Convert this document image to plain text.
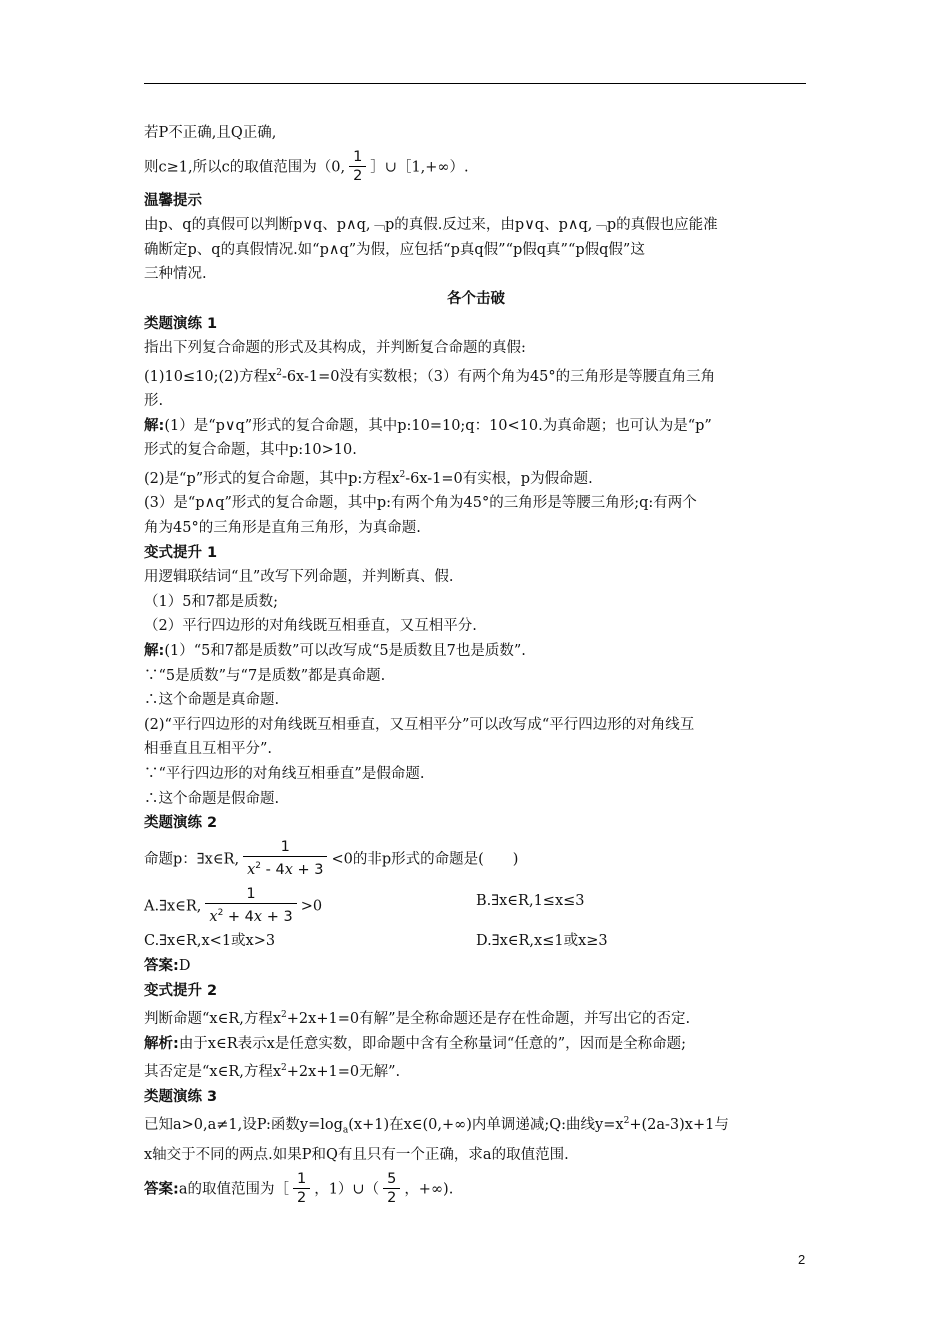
若P不正确,且Q正确,
则c≥1,所以c的取值范围为（0, $\frac{1}{2}$ ］∪［1,+∞）.
温馨提示
由p、q的真假可以判断p∨q、p∧q,﹁p的真假.反过来，由p∨q、p∧q,﹁p的真假也应能准
确断定p、q的真假情况.如“p∧q”为假，应包括“p真q假”“p假q真”“p假q假”这
三种情况.
各个击破
类题演练 1
指出下列复合命题的形式及其构成，并判断复合命题的真假:
(1)10≤10;(2)方程$x^2-6x-1=0$没有实数根；（3）有两个角为45°的三角形是等腰直角三角
形.
解:(1）是“p∨q”形式的复合命题，其中p:10=10;q：10<10.为真命题；也可认为是“p”
形式的复合命题，其中p:10>10.
(2)是“p”形式的复合命题，其中p:方程$x^2-6x-1=0$有实根，p为假命题.
(3）是“p∧q”形式的复合命题，其中p:有两个角为45°的三角形是等腰三角形;q:有两个
角为45°的三角形是直角三角形，为真命题.
变式提升 1
用逻辑联结词“且”改写下列命题，并判断真、假.
（1）5和7都是质数;
（2）平行四边形的对角线既互相垂直，又互相平分.
解:(1）“5和7都是质数”可以改写成“5是质数且7也是质数”.
∵“5是质数”与“7是质数”都是真命题.
∴这个命题是真命题.
(2)“平行四边形的对角线既互相垂直，又互相平分”可以改写成“平行四边形的对角线互
相垂直且互相平分”.
∵“平行四边形的对角线互相垂直”是假命题.
∴这个命题是假命题.
类题演练 2
命题p：∃x∈R, $\frac{1}{x^2 - 4x + 3} <0$的非p形式的命题是(　　)
A.∃x∈R, $\frac{1}{x^2 + 4x + 3} >0$	B.∃x∈R,1≤x≤3
C.∃x∈R,x<1或x>3	D.∃x∈R,x≤1或x≥3
答案:D
变式提升 2
判断命题“x∈R,方程$x^2+2x+1=0$有解”是全称命题还是存在性命题，并写出它的否定.
解析:由于x∈R表示x是任意实数，即命题中含有全称量词“任意的”，因而是全称命题;
其否定是“x∈R,方程$x^2+2x+1=0$无解”.
类题演练 3
已知a>0,a≠1,设P:函数$y=\log_a(x+1)$在x∈(0,+∞)内单调递减;Q:曲线$y=x^2+(2a-3)x+1$与
x轴交于不同的两点.如果P和Q有且只有一个正确，求a的取值范围.
答案:a的取值范围为［ $\frac{1}{2}$ ，1）∪（ $\frac{5}{2}$ ，+∞).
2
